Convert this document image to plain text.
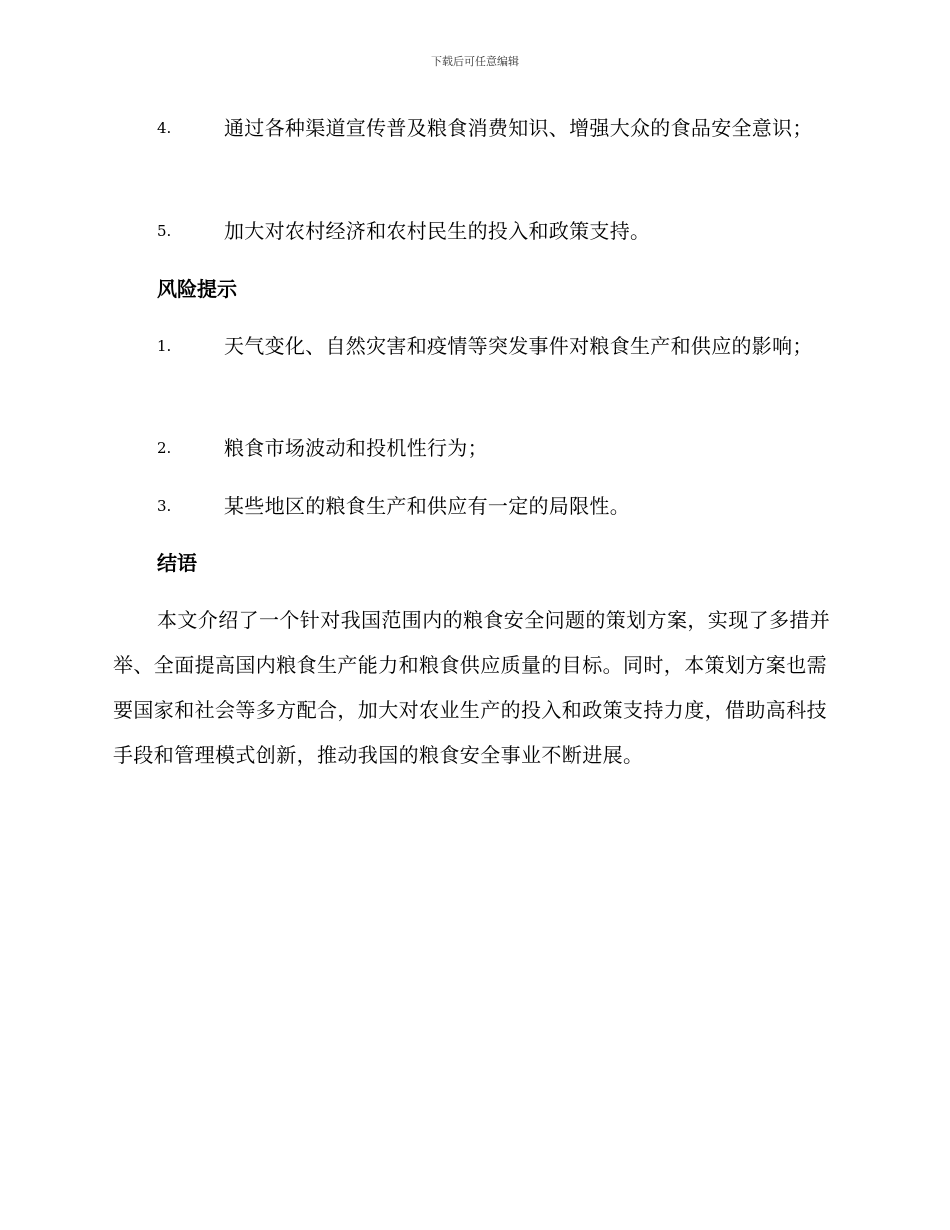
下载后可任意编辑
4.	通过各种渠道宣传普及粮食消费知识、增强大众的食品安全意识；
5.	加大对农村经济和农村民生的投入和政策支持。
风险提示
1.	天气变化、自然灾害和疫情等突发事件对粮食生产和供应的影响；
2.	粮食市场波动和投机性行为；
3.	某些地区的粮食生产和供应有一定的局限性。
结语
本文介绍了一个针对我国范围内的粮食安全问题的策划方案，实现了多措并举、全面提高国内粮食生产能力和粮食供应质量的目标。同时，本策划方案也需要国家和社会等多方配合，加大对农业生产的投入和政策支持力度，借助高科技手段和管理模式创新，推动我国的粮食安全事业不断进展。
